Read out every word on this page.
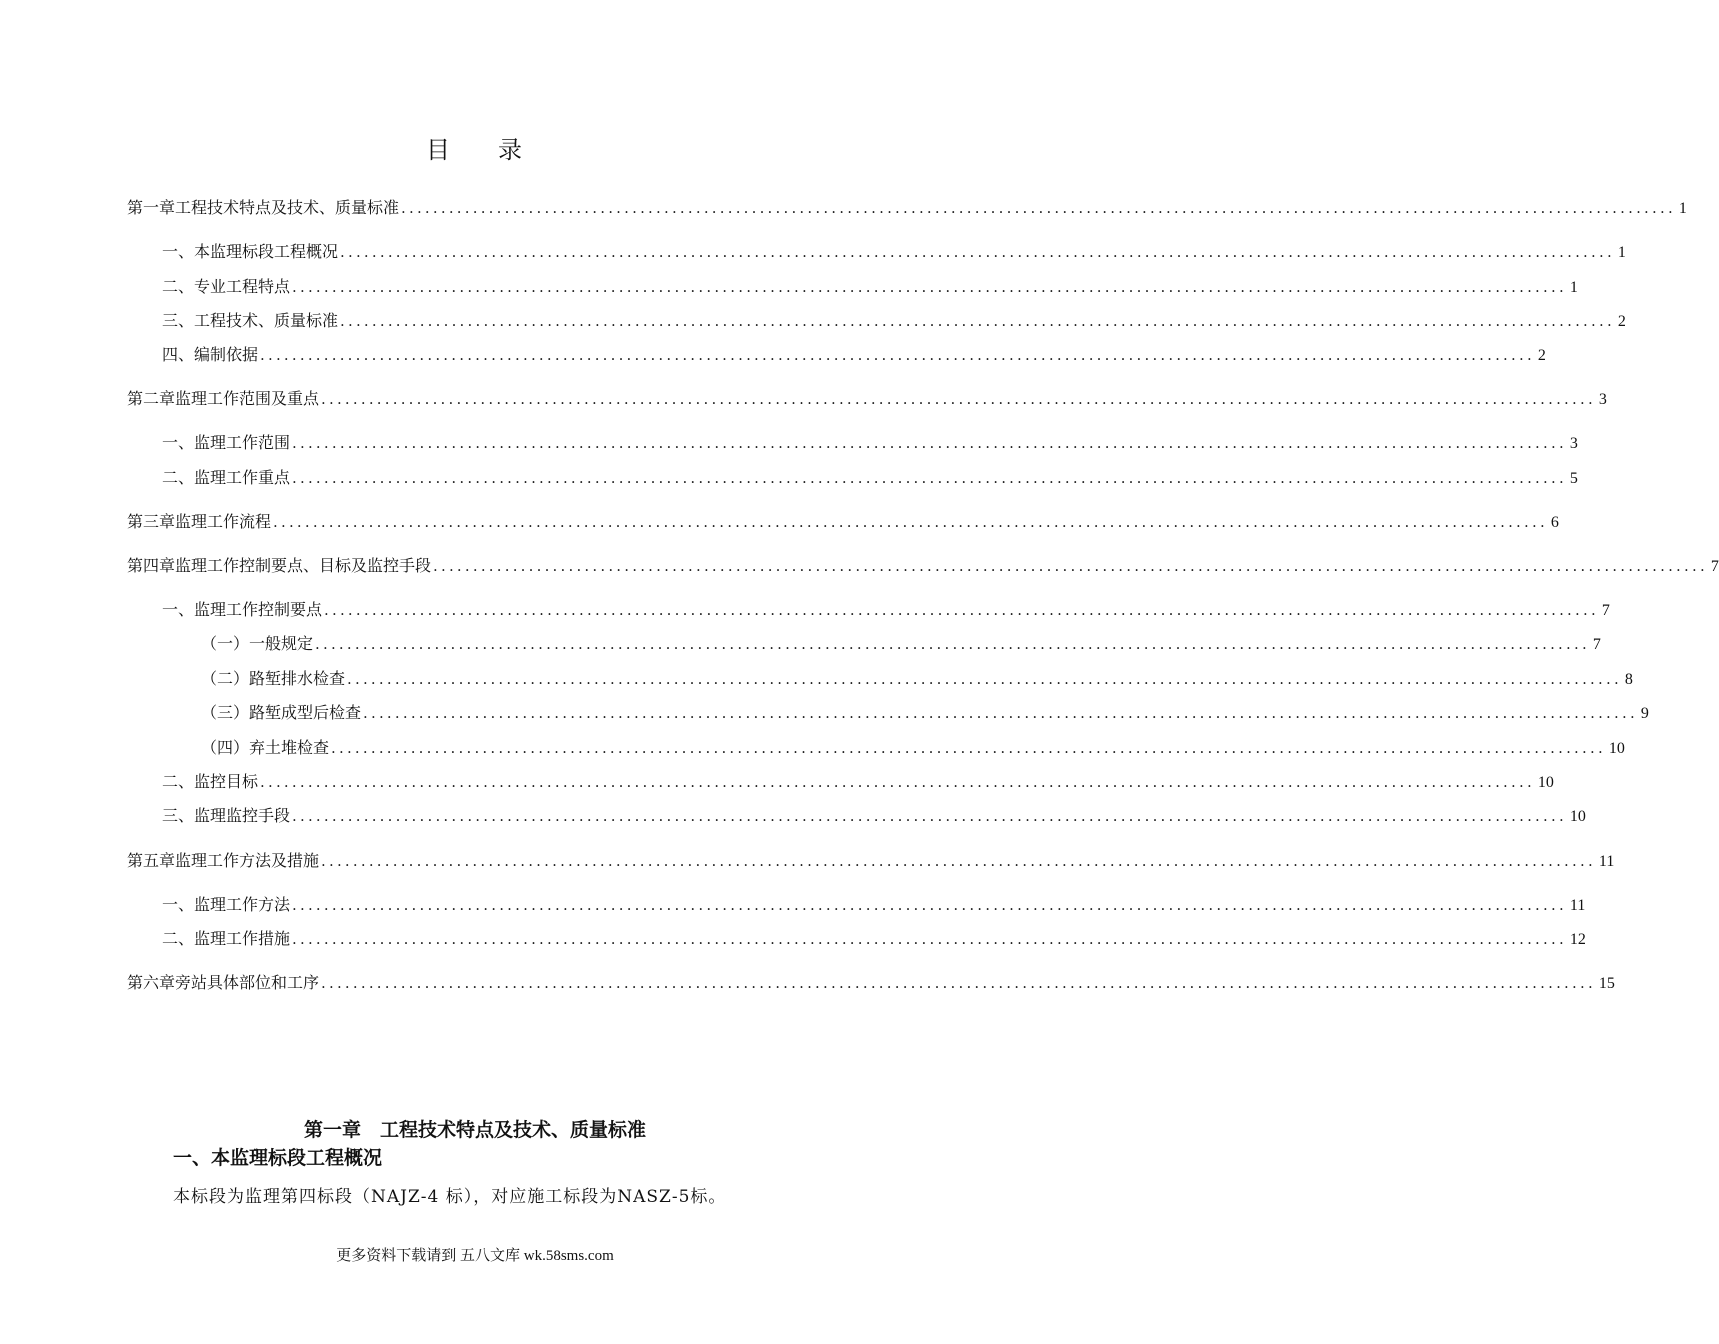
目 录
第一章 工程技术特点及技术、质量标准 ................................................................................................................................................................ 1
一、 本监理标段工程概况 ................................................................................................................................................................ 1
二、 专业工程特点 ................................................................................................................................................................ 1
三、 工程技术、质量标准 ................................................................................................................................................................ 2
四、 编制依据 ................................................................................................................................................................ 2
第二章 监理工作范围及重点 ................................................................................................................................................................ 3
一、 监理工作范围 ................................................................................................................................................................ 3
二、 监理工作重点 ................................................................................................................................................................ 5
第三章 监理工作流程 ................................................................................................................................................................ 6
第四章 监理工作控制要点、目标及监控手段 ................................................................................................................................................................ 7
一、 监理工作控制要点 ................................................................................................................................................................ 7
（一） 一般规定 ................................................................................................................................................................ 7
（二） 路堑排水检查 ................................................................................................................................................................ 8
（三） 路堑成型后检查 ................................................................................................................................................................ 9
（四） 弃土堆检查 ................................................................................................................................................................ 10
二、 监控目标 ................................................................................................................................................................ 10
三、 监理监控手段 ................................................................................................................................................................ 10
第五章 监理工作方法及措施 ................................................................................................................................................................ 11
一、 监理工作方法 ................................................................................................................................................................ 11
二、 监理工作措施 ................................................................................................................................................................ 12
第六章 旁站具体部位和工序 ................................................................................................................................................................ 15
第一章　工程技术特点及技术、质量标准
一、本监理标段工程概况
本标段为监理第四标段（NAJZ-4 标），对应施工标段为NASZ-5标。
更多资料下载请到 五八文库 wk.58sms.com
